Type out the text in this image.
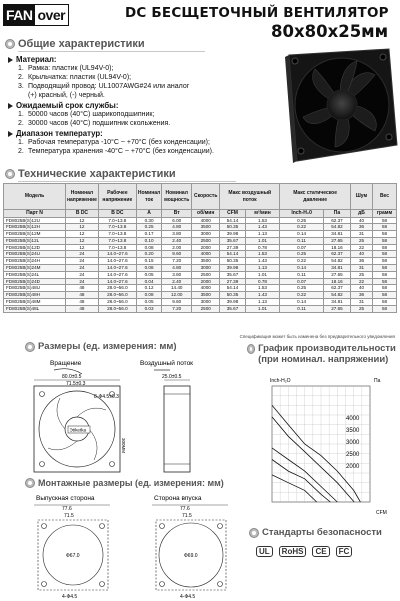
FAN over	DC БЕСЩЕТОЧНЫЙ ВЕНТИЛЯТОР
80x80x25мм
Общие характеристики
Материал:
1. Рамка: пластик (UL94V-0);
2. Крыльчатка: пластик (UL94V-0);
3. Подводящий провод: UL1007AWG#24 или аналог
(+) красный, (-) черный.
Ожидаемый срок службы:
1. 50000 часов (40°C) шарикоподшипник;
2. 30000 часов (40°C) подшипник скольжения.
Диапазон температур:
1. Рабочая температура -10°C ~ +70°C (без конденсации);
2. Температура хранения -40°C ~ +70°C (без конденсации).
Технические характеристики
Модель	Номинал напряжение	Рабочее напряжение	Номинал ток	Номинал мощность	Скорость	Макс воздушный поток		Макс статическое давление		Шум	Вес
Парт N	B DC	B DC	A	Вт	об/мин	CFM	м³/мин	Inch-H₂0	Па	дБ	грамм
FD8025B(S)12U	12	7.0~13.8	0.30	6.00	4000	54.14	1.53	0.25	62.37	40	58
FD8025B(S)12H	12	7.0~13.8	0.25	4.80	3500	50.35	1.43	0.22	54.82	36	58
FD8025B(S)12M	12	7.0~13.8	0.17	3.80	3000	39.98	1.13	0.14	34.81	31	58
FD8025B(S)12L	12	7.0~13.8	0.10	2.40	2500	35.67	1.01	0.11	27.65	25	58
FD8025B(S)12D	12	7.0~13.8	0.08	2.00	2000	27.39	0.78	0.07	18.16	22	58
FD8025B(S)24U	24	14.0~27.6	0.20	9.60	4000	54.14	1.53	0.25	62.37	40	58
FD8025B(S)24H	24	14.0~27.6	0.15	7.20	3500	50.35	1.43	0.22	54.82	36	58
FD8025B(S)24M	24	14.0~27.6	0.08	4.80	3000	39.98	1.13	0.14	34.81	31	58
FD8025B(S)24L	24	14.0~27.6	0.05	3.60	2500	35.67	1.01	0.11	27.65	25	58
FD8025B(S)24D	24	14.0~27.6	0.04	2.40	2000	27.39	0.78	0.07	18.16	22	58
FD8025B(S)48U	48	28.0~56.0	0.12	14.40	4000	54.14	1.53	0.25	62.37	40	58
FD8025B(S)48H	48	28.0~56.0	0.08	12.00	3500	50.35	1.43	0.22	54.82	36	58
FD8025B(S)48M	48	28.0~56.0	0.05	9.60	3000	39.98	1.13	0.14	34.81	31	58
FD8025B(S)48L	48	28.0~56.0	0.03	7.20	2500	35.67	1.01	0.11	27.65	25	58
Спецификация может быть изменена без предварительного уведомления
Размеры (ед. измерения: мм)
Вращение	Воздушный поток
80.0±0.5
71.5±0.3
8-Ф4.5±0.3
Эtiketka
300MM
25.0±0.5
Монтажные размеры (ед. измерения: мм)
Выпускная сторона	Сторона впуска
77.6
71.5
Ф67.0
4-Ф4.5
77.6
71.5
Ф69.0
4-Ф4.5
График производительности (при номинал. напряжении)
4000
3500
3000
2500
2000
Inch-H₂O	Па
CFM
Стандарты безопасности
UL	RoHS	CE	FC
